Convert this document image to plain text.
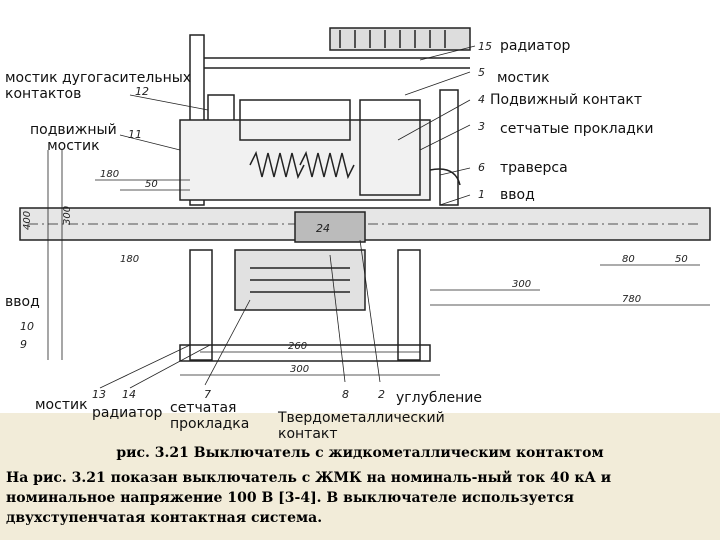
15
5
4
3
6
1
12
11
10
9
13 14	7	8	2
24
400	300
180
50
180
300
780
80	50
260
300
радиатор
мостик дугогасительных
контактов
подвижный
мостик
мостик
Подвижный контакт
сетчатые прокладки
траверса
ввод
ввод
мостик радиатор сетчатая
прокладка Твердометаллический
контакт
углубление
рис. 3.21 Выключатель с жидкометаллическим контактом
На рис. 3.21 показан выключатель с ЖМК на номиналь-ный ток 40 кА и номинальное напряжение 100 В [3-4]. В выключателе используется двухступенчатая контактная система.
